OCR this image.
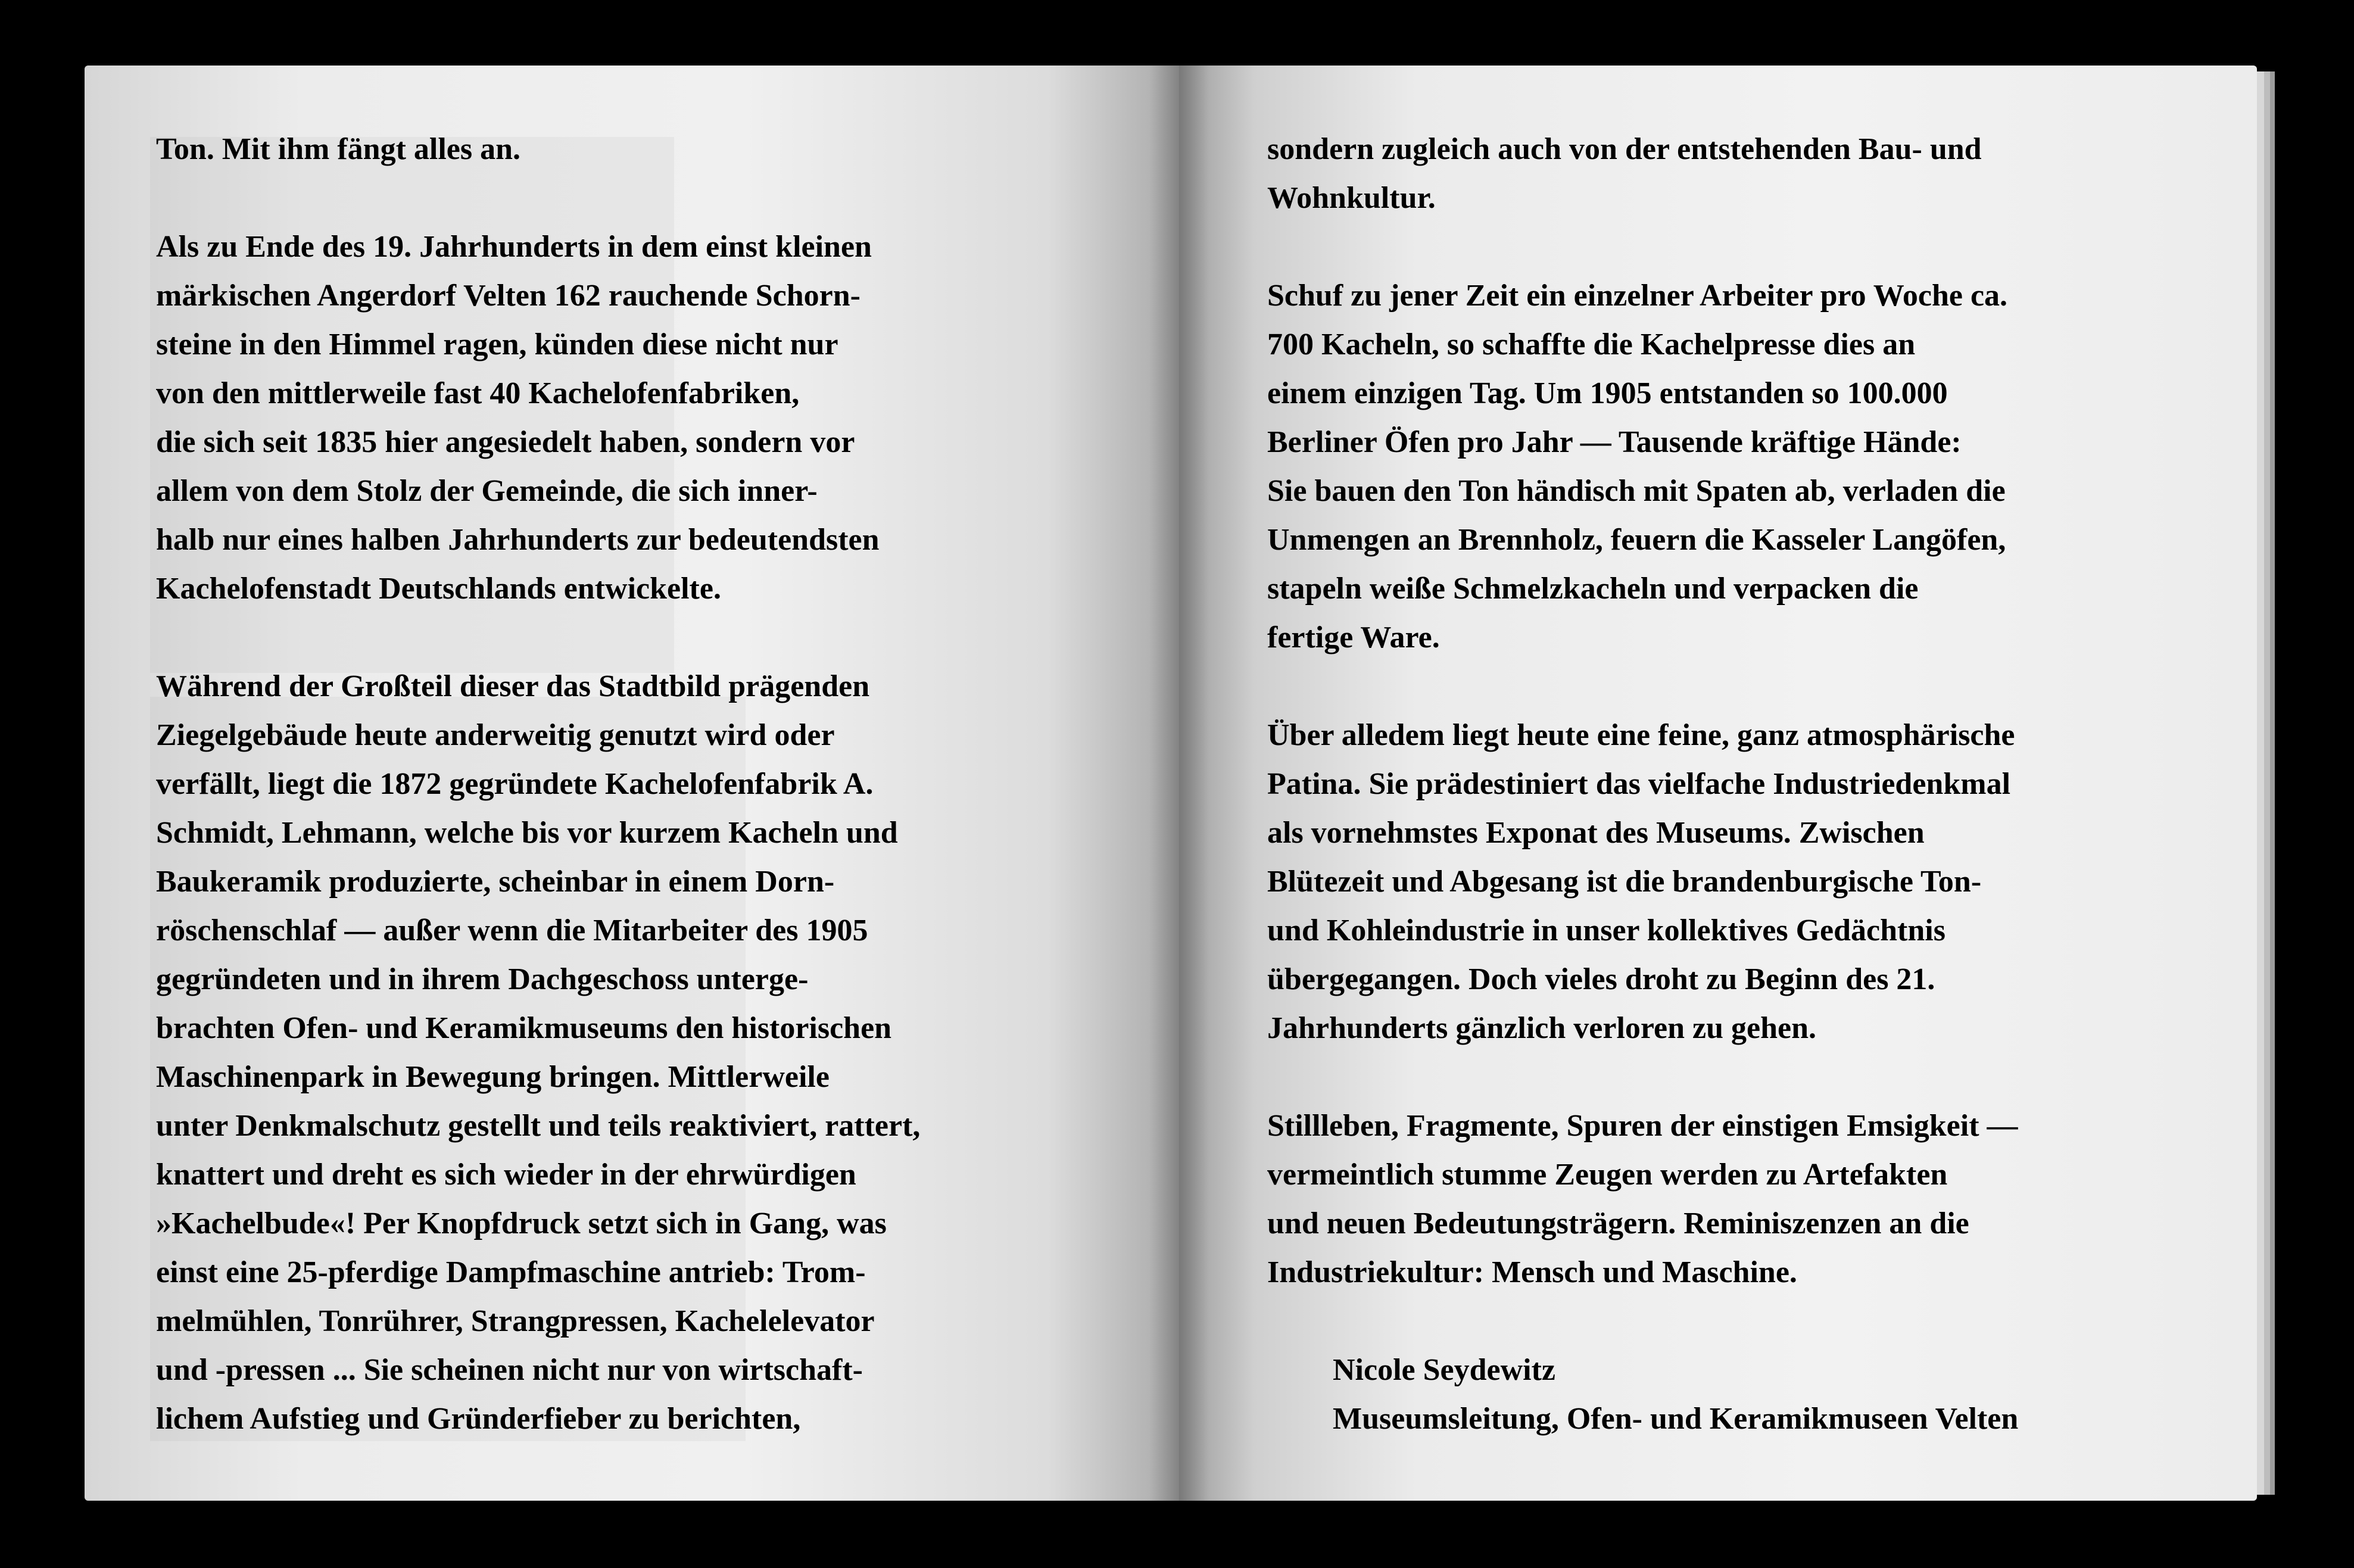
Ton. Mit ihm fängt alles an.
Als zu Ende des 19. Jahrhunderts in dem einst kleinen
märkischen Angerdorf Velten 162 rauchende Schorn-
steine in den Himmel ragen, künden diese nicht nur
von den mittlerweile fast 40 Kachelofenfabriken,
die sich seit 1835 hier angesiedelt haben, sondern vor
allem von dem Stolz der Gemeinde, die sich inner-
halb nur eines halben Jahrhunderts zur bedeutendsten
Kachelofenstadt Deutschlands entwickelte.
Während der Großteil dieser das Stadtbild prägenden
Ziegelgebäude heute anderweitig genutzt wird oder
verfällt, liegt die 1872 gegründete Kachelofenfabrik A.
Schmidt, Lehmann, welche bis vor kurzem Kacheln und
Baukeramik produzierte, scheinbar in einem Dorn-
röschenschlaf — außer wenn die Mitarbeiter des 1905
gegründeten und in ihrem Dachgeschoss unterge-
brachten Ofen- und Keramikmuseums den historischen
Maschinenpark in Bewegung bringen. Mittlerweile
unter Denkmalschutz gestellt und teils reaktiviert, rattert,
knattert und dreht es sich wieder in der ehrwürdigen
»Kachelbude«! Per Knopfdruck setzt sich in Gang, was
einst eine 25-pferdige Dampfmaschine antrieb: Trom-
melmühlen, Tonrührer, Strangpressen, Kachelelevator
und -pressen ... Sie scheinen nicht nur von wirtschaft-
lichem Aufstieg und Gründerfieber zu berichten,
sondern zugleich auch von der entstehenden Bau- und
Wohnkultur.
Schuf zu jener Zeit ein einzelner Arbeiter pro Woche ca.
700 Kacheln, so schaffte die Kachelpresse dies an
einem einzigen Tag. Um 1905 entstanden so 100.000
Berliner Öfen pro Jahr — Tausende kräftige Hände:
Sie bauen den Ton händisch mit Spaten ab, verladen die
Unmengen an Brennholz, feuern die Kasseler Langöfen,
stapeln weiße Schmelzkacheln und verpacken die
fertige Ware.
Über alledem liegt heute eine feine, ganz atmosphärische
Patina. Sie prädestiniert das vielfache Industriedenkmal
als vornehmstes Exponat des Museums. Zwischen
Blütezeit und Abgesang ist die brandenburgische Ton-
und Kohleindustrie in unser kollektives Gedächtnis
übergegangen. Doch vieles droht zu Beginn des 21.
Jahrhunderts gänzlich verloren zu gehen.
Stillleben, Fragmente, Spuren der einstigen Emsigkeit —
vermeintlich stumme Zeugen werden zu Artefakten
und neuen Bedeutungsträgern. Reminiszenzen an die
Industriekultur: Mensch und Maschine.
Nicole Seydewitz
Museumsleitung, Ofen- und Keramikmuseen Velten
